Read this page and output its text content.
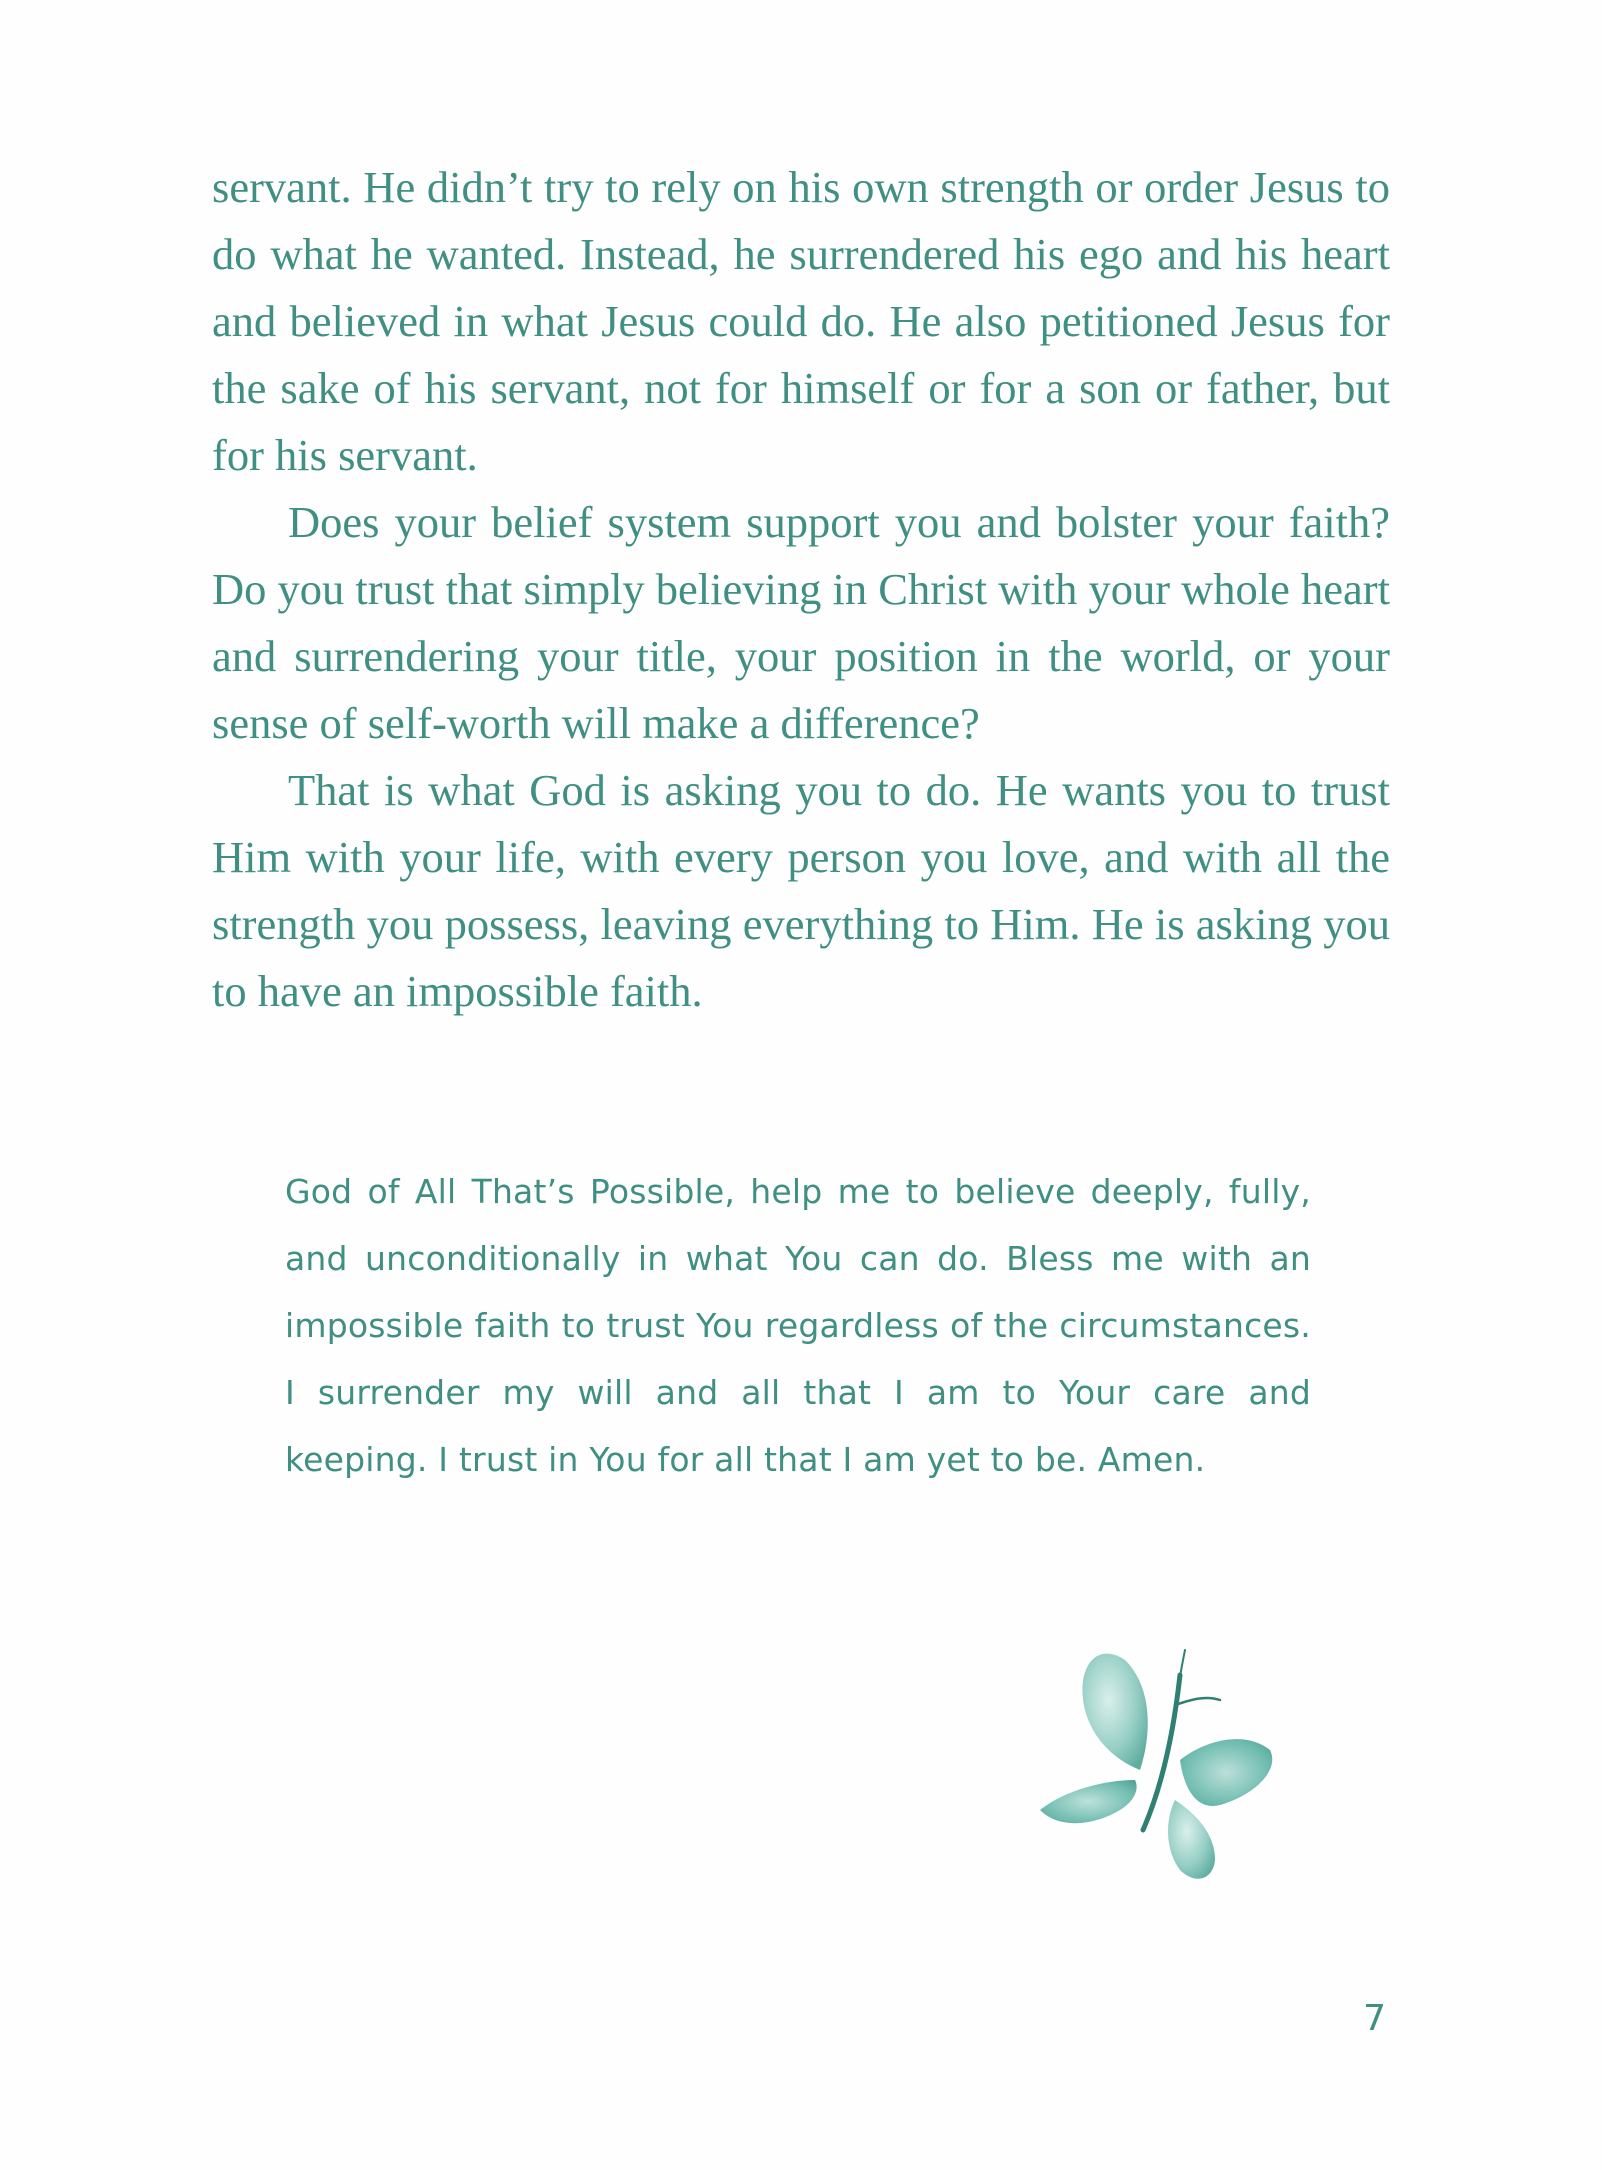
servant. He didn’t try to rely on his own strength or order Jesus to do what he wanted. Instead, he surrendered his ego and his heart and believed in what Jesus could do. He also petitioned Jesus for the sake of his servant, not for himself or for a son or father, but for his servant.

Does your belief system support you and bolster your faith? Do you trust that simply believing in Christ with your whole heart and surrendering your title, your position in the world, or your sense of self-worth will make a difference?

That is what God is asking you to do. He wants you to trust Him with your life, with every person you love, and with all the strength you possess, leaving everything to Him. He is asking you to have an impossible faith.

God of All That’s Possible, help me to believe deeply, fully, and unconditionally in what You can do. Bless me with an impossible faith to trust You regardless of the circumstances. I surrender my will and all that I am to Your care and keeping. I trust in You for all that I am yet to be. Amen.

7
